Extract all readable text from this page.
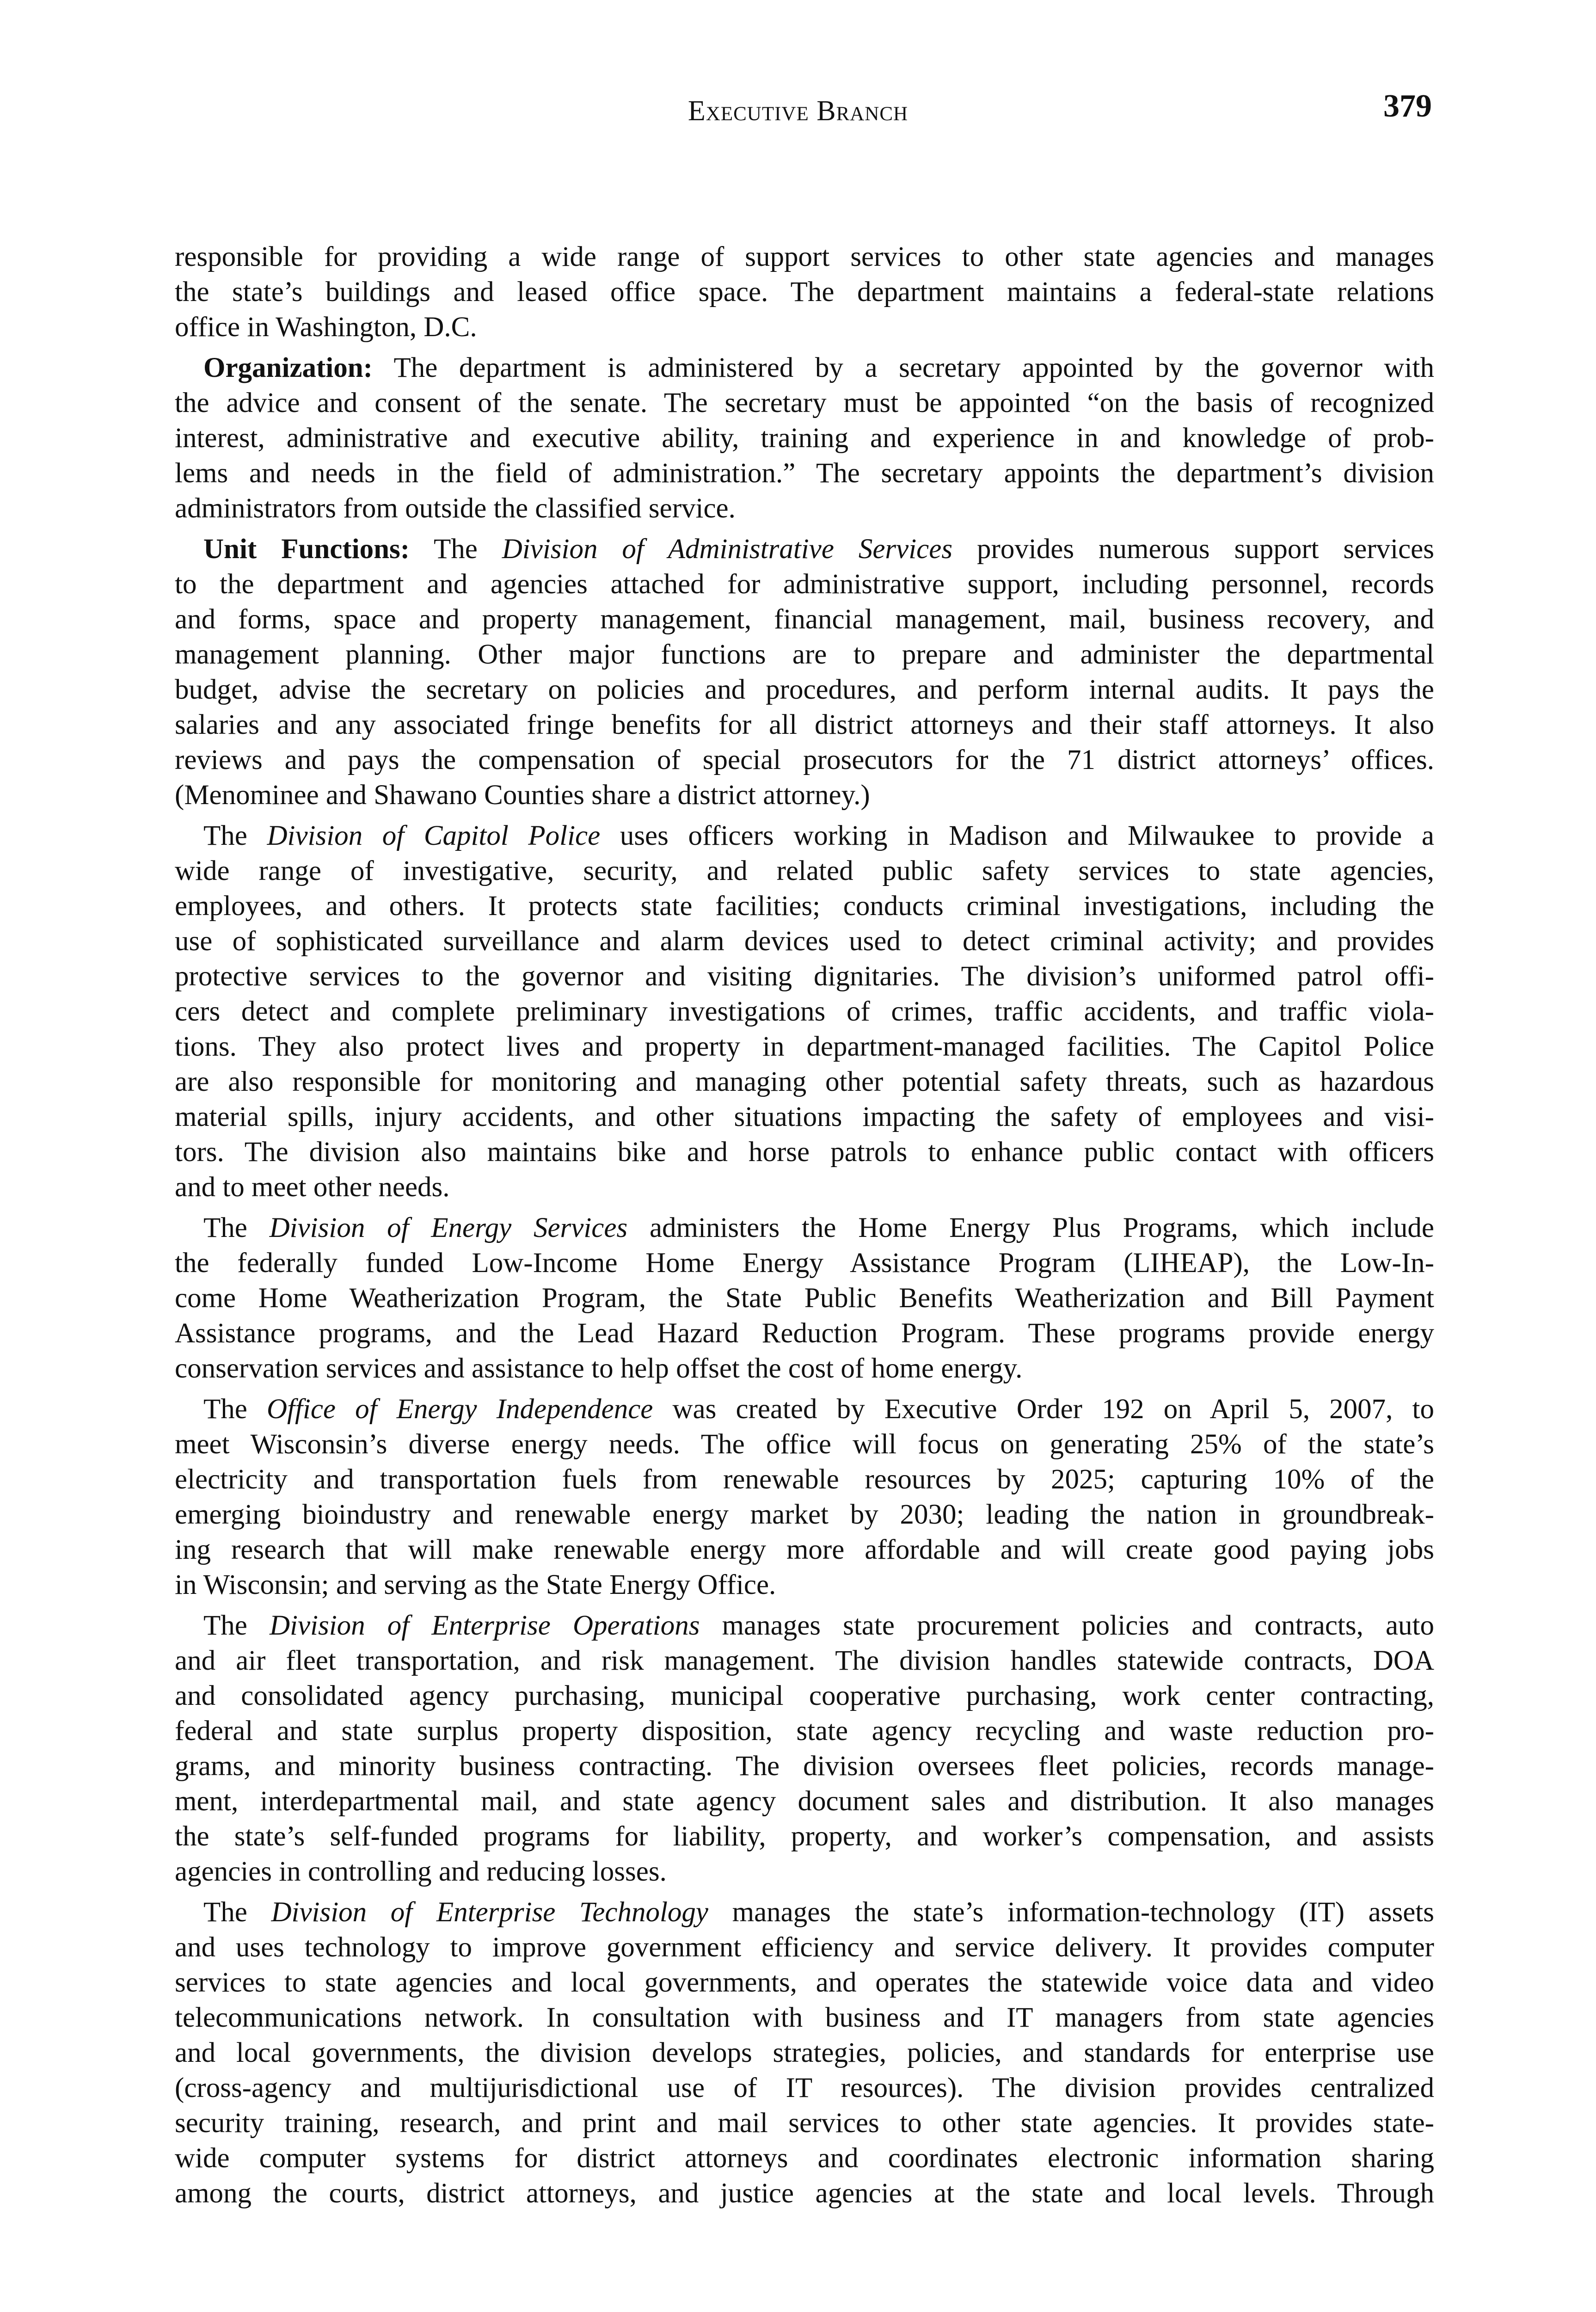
Executive Branch	379
responsible for providing a wide range of support services to other state agencies and manages
the state’s buildings and leased office space. The department maintains a federal-state relations
office in Washington, D.C.
Organization: The department is administered by a secretary appointed by the governor with
the advice and consent of the senate. The secretary must be appointed “on the basis of recognized
interest, administrative and executive ability, training and experience in and knowledge of prob-
lems and needs in the field of administration.” The secretary appoints the department’s division
administrators from outside the classified service.
Unit Functions: The Division of Administrative Services provides numerous support services
to the department and agencies attached for administrative support, including personnel, records
and forms, space and property management, financial management, mail, business recovery, and
management planning. Other major functions are to prepare and administer the departmental
budget, advise the secretary on policies and procedures, and perform internal audits. It pays the
salaries and any associated fringe benefits for all district attorneys and their staff attorneys. It also
reviews and pays the compensation of special prosecutors for the 71 district attorneys’ offices.
(Menominee and Shawano Counties share a district attorney.)
The Division of Capitol Police uses officers working in Madison and Milwaukee to provide a
wide range of investigative, security, and related public safety services to state agencies,
employees, and others. It protects state facilities; conducts criminal investigations, including the
use of sophisticated surveillance and alarm devices used to detect criminal activity; and provides
protective services to the governor and visiting dignitaries. The division’s uniformed patrol offi-
cers detect and complete preliminary investigations of crimes, traffic accidents, and traffic viola-
tions. They also protect lives and property in department-managed facilities. The Capitol Police
are also responsible for monitoring and managing other potential safety threats, such as hazardous
material spills, injury accidents, and other situations impacting the safety of employees and visi-
tors. The division also maintains bike and horse patrols to enhance public contact with officers
and to meet other needs.
The Division of Energy Services administers the Home Energy Plus Programs, which include
the federally funded Low-Income Home Energy Assistance Program (LIHEAP), the Low-In-
come Home Weatherization Program, the State Public Benefits Weatherization and Bill Payment
Assistance programs, and the Lead Hazard Reduction Program. These programs provide energy
conservation services and assistance to help offset the cost of home energy.
The Office of Energy Independence was created by Executive Order 192 on April 5, 2007, to
meet Wisconsin’s diverse energy needs. The office will focus on generating 25% of the state’s
electricity and transportation fuels from renewable resources by 2025; capturing 10% of the
emerging bioindustry and renewable energy market by 2030; leading the nation in groundbreak-
ing research that will make renewable energy more affordable and will create good paying jobs
in Wisconsin; and serving as the State Energy Office.
The Division of Enterprise Operations manages state procurement policies and contracts, auto
and air fleet transportation, and risk management. The division handles statewide contracts, DOA
and consolidated agency purchasing, municipal cooperative purchasing, work center contracting,
federal and state surplus property disposition, state agency recycling and waste reduction pro-
grams, and minority business contracting. The division oversees fleet policies, records manage-
ment, interdepartmental mail, and state agency document sales and distribution. It also manages
the state’s self-funded programs for liability, property, and worker’s compensation, and assists
agencies in controlling and reducing losses.
The Division of Enterprise Technology manages the state’s information-technology (IT) assets
and uses technology to improve government efficiency and service delivery. It provides computer
services to state agencies and local governments, and operates the statewide voice data and video
telecommunications network. In consultation with business and IT managers from state agencies
and local governments, the division develops strategies, policies, and standards for enterprise use
(cross-agency and multijurisdictional use of IT resources). The division provides centralized
security training, research, and print and mail services to other state agencies. It provides state-
wide computer systems for district attorneys and coordinates electronic information sharing
among the courts, district attorneys, and justice agencies at the state and local levels. Through
